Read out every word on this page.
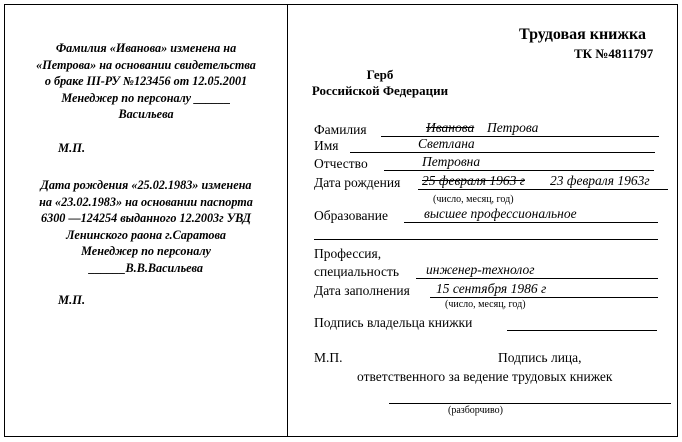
Фамилия «Иванова» изменена на
«Петрова» на основании свидетельства
о браке III-РУ №123456 от 12.05.2001
Менеджер по персоналу ______
Васильева
М.П.
Дата рождения «25.02.1983» изменена
на «23.02.1983» на основании паспорта
6300 —124254 выданного 12.2003г УВД
Ленинского раона г.Саратова
Менеджер по персоналу
______В.В.Васильева
М.П.
Трудовая книжка
ТК №4811797
Герб
Российской Федерации
Фамилия	Иванова Петрова
Имя	Светлана
Отчество	Петровна
Дата рождения 25 февраля 1963 г 23 февраля 1963г
(число, месяц, год)
Образование	высшее профессиональное
Профессия,
специальность инженер-технолог
Дата заполнения 15 сентября 1986 г
(число, месяц, год)
Подпись владельца книжки
М.П.	Подпись лица,
ответственного за ведение трудовых книжек
(разборчиво)
